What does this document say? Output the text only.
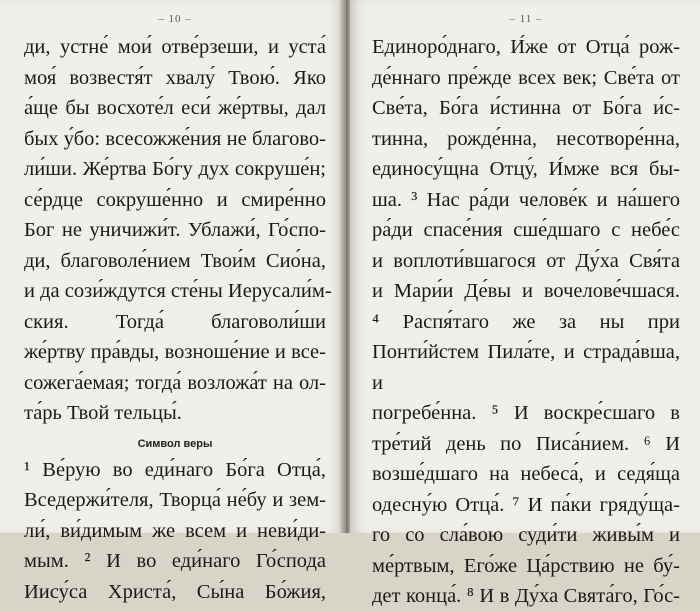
– 10 –
ди, устне́ мои́ отве́рзеши, и уста́
моя́ возвестя́т хвалу́ Твою́. Яко
а́ще бы восхоте́л еси́ же́ртвы, дал
бых у́бо: всесожже́ния не благово-
ли́ши. Же́ртва Бо́гу дух сокруше́н;
се́рдце сокруше́нно и смире́нно
Бог не уничижи́т. Ублажи́, Го́спо-
ди, благоволе́нием Твои́м Сио́на,
и да сози́ждутся сте́ны Иерусали́м-
ския. Тогда́ благоволи́ши
же́ртву пра́вды, возноше́ние и все-
сожега́емая; тогда́ возложа́т на ол-
та́рь Твой тельцы́.
Символ веры
¹ Ве́рую во еди́наго Бо́га Отца́,
Вседержи́теля, Творца́ не́бу и зем-
ли́, ви́димым же всем и неви́ди-
мым. ² И во еди́наго Го́спода
Иису́са Христа́, Сы́на Бо́жия,
– 11 –
Единоро́днаго, И́же от Отца́ рож-
де́ннаго пре́жде всех век; Све́та от
Све́та, Бо́га и́стинна от Бо́га и́с-
тинна, рожде́нна, несотворе́нна,
единосу́щна Отцу́, И́мже вся бы-
ша. ³ Нас ра́ди челове́к и на́шего
ра́ди спасе́ния сше́дшаго с небе́с
и воплоти́вшагося от Ду́ха Свя́та
и Мари́и Де́вы и вочелове́чшася.
⁴ Распя́таго же за ны при Понти́йстем Пила́те, и страда́вша, и
погребе́нна. ⁵ И воскре́сшаго в
тре́тий день по Писа́нием. ⁶ И
возше́дшаго на небеса́, и седя́ща
одесну́ю Отца́. ⁷ И па́ки гряду́ща-
го со сла́вою суди́ти живы́м и
ме́ртвым, Его́же Ца́рствию не бу́-
дет конца́. ⁸ И в Ду́ха Свята́го, Го́с-
